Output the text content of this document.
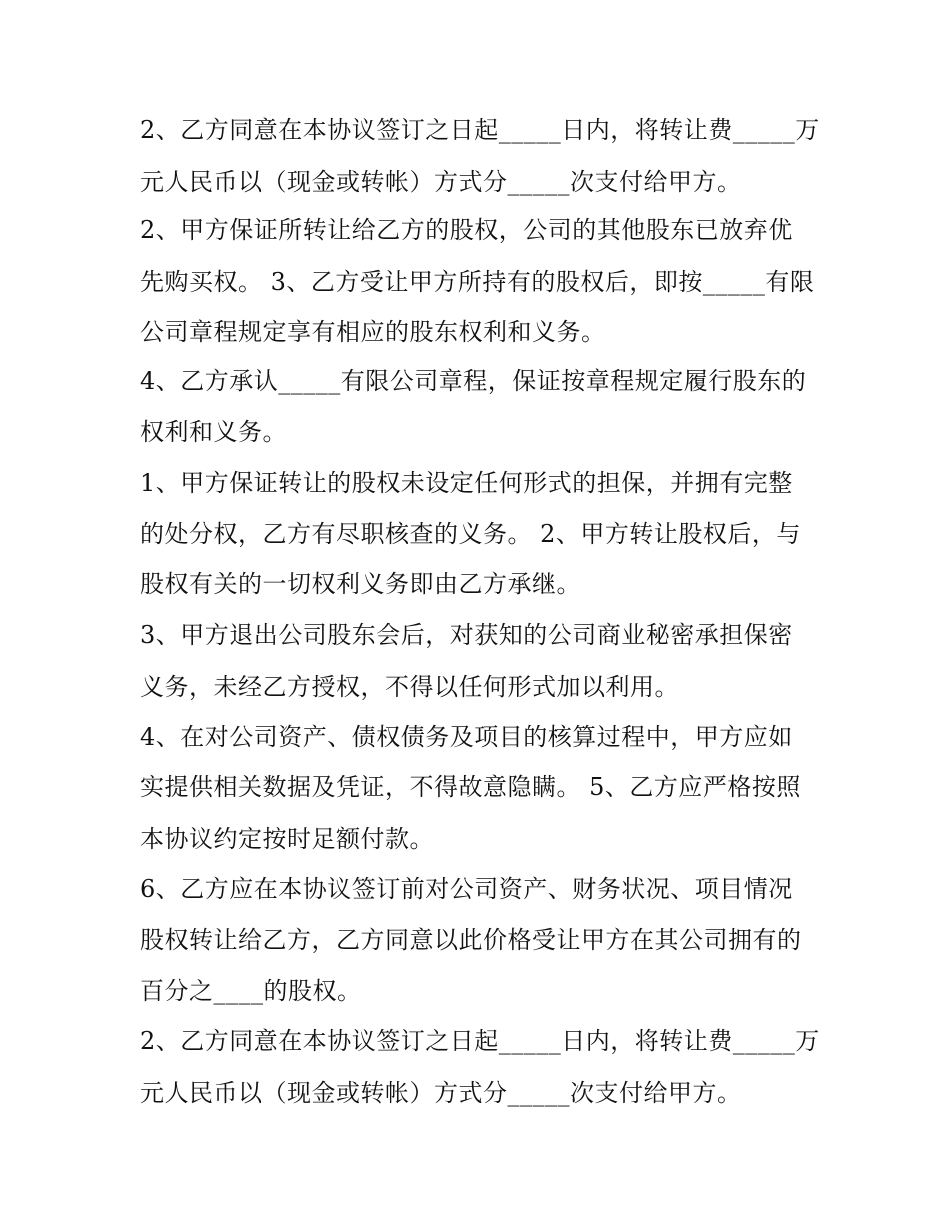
2、乙方同意在本协议签订之日起_____日内，将转让费_____万
元人民币以（现金或转帐）方式分_____次支付给甲方。
2、甲方保证所转让给乙方的股权，公司的其他股东已放弃优
先购买权。 3、乙方受让甲方所持有的股权后，即按_____有限
公司章程规定享有相应的股东权利和义务。
4、乙方承认_____有限公司章程，保证按章程规定履行股东的
权利和义务。
1、甲方保证转让的股权未设定任何形式的担保，并拥有完整
的处分权，乙方有尽职核查的义务。 2、甲方转让股权后，与
股权有关的一切权利义务即由乙方承继。
3、甲方退出公司股东会后，对获知的公司商业秘密承担保密
义务，未经乙方授权，不得以任何形式加以利用。
4、在对公司资产、债权债务及项目的核算过程中，甲方应如
实提供相关数据及凭证，不得故意隐瞒。 5、乙方应严格按照
本协议约定按时足额付款。
6、乙方应在本协议签订前对公司资产、财务状况、项目情况
股权转让给乙方，乙方同意以此价格受让甲方在其公司拥有的
百分之____的股权。
2、乙方同意在本协议签订之日起_____日内，将转让费_____万
元人民币以（现金或转帐）方式分_____次支付给甲方。
